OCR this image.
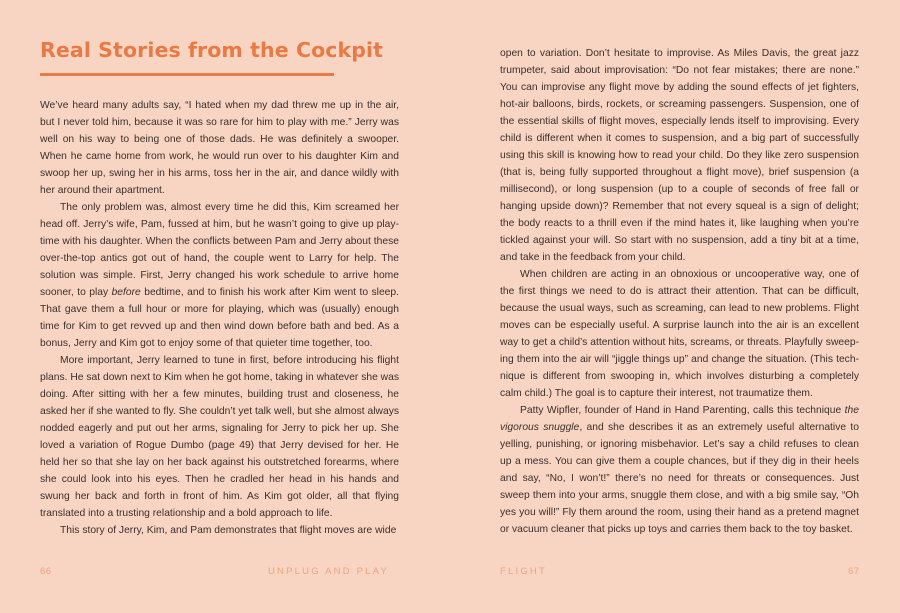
Real Stories from the Cockpit

We’ve heard many adults say, “I hated when my dad threw me up in the air, but I never told him, because it was so rare for him to play with me.” Jerry was well on his way to being one of those dads. He was definitely a swooper. When he came home from work, he would run over to his daughter Kim and swoop her up, swing her in his arms, toss her in the air, and dance wildly with her around their apartment.

The only problem was, almost every time he did this, Kim screamed her head off. Jerry’s wife, Pam, fussed at him, but he wasn’t going to give up playtime with his daughter. When the conflicts between Pam and Jerry about these over-the-top antics got out of hand, the couple went to Larry for help. The solution was simple. First, Jerry changed his work schedule to arrive home sooner, to play before bedtime, and to finish his work after Kim went to sleep. That gave them a full hour or more for playing, which was (usually) enough time for Kim to get revved up and then wind down before bath and bed. As a bonus, Jerry and Kim got to enjoy some of that quieter time together, too.

More important, Jerry learned to tune in first, before introducing his flight plans. He sat down next to Kim when he got home, taking in whatever she was doing. After sitting with her a few minutes, building trust and closeness, he asked her if she wanted to fly. She couldn’t yet talk well, but she almost always nodded eagerly and put out her arms, signaling for Jerry to pick her up. She loved a variation of Rogue Dumbo (page 49) that Jerry devised for her. He held her so that she lay on her back against his outstretched forearms, where she could look into his eyes. Then he cradled her head in his hands and swung her back and forth in front of him. As Kim got older, all that flying translated into a trusting relationship and a bold approach to life.

This story of Jerry, Kim, and Pam demonstrates that flight moves are wide

66	UNPLUG AND PLAY

open to variation. Don’t hesitate to improvise. As Miles Davis, the great jazz trumpeter, said about improvisation: “Do not fear mistakes; there are none.” You can improvise any flight move by adding the sound effects of jet fighters, hot-air balloons, birds, rockets, or screaming passengers. Suspension, one of the essential skills of flight moves, especially lends itself to improvising. Every child is different when it comes to suspension, and a big part of successfully using this skill is knowing how to read your child. Do they like zero suspension (that is, being fully supported throughout a flight move), brief suspension (a millisecond), or long suspension (up to a couple of seconds of free fall or hanging upside down)? Remember that not every squeal is a sign of delight; the body reacts to a thrill even if the mind hates it, like laughing when you’re tickled against your will. So start with no suspension, add a tiny bit at a time, and take in the feedback from your child.

When children are acting in an obnoxious or uncooperative way, one of the first things we need to do is attract their attention. That can be difficult, because the usual ways, such as screaming, can lead to new problems. Flight moves can be especially useful. A surprise launch into the air is an excellent way to get a child’s attention without hits, screams, or threats. Playfully sweeping them into the air will “jiggle things up” and change the situation. (This technique is different from swooping in, which involves disturbing a completely calm child.) The goal is to capture their interest, not traumatize them.

Patty Wipfler, founder of Hand in Hand Parenting, calls this technique the vigorous snuggle, and she describes it as an extremely useful alternative to yelling, punishing, or ignoring misbehavior. Let’s say a child refuses to clean up a mess. You can give them a couple chances, but if they dig in their heels and say, “No, I won’t!” there’s no need for threats or consequences. Just sweep them into your arms, snuggle them close, and with a big smile say, “Oh yes you will!” Fly them around the room, using their hand as a pretend magnet or vacuum cleaner that picks up toys and carries them back to the toy basket.

FLIGHT	67
